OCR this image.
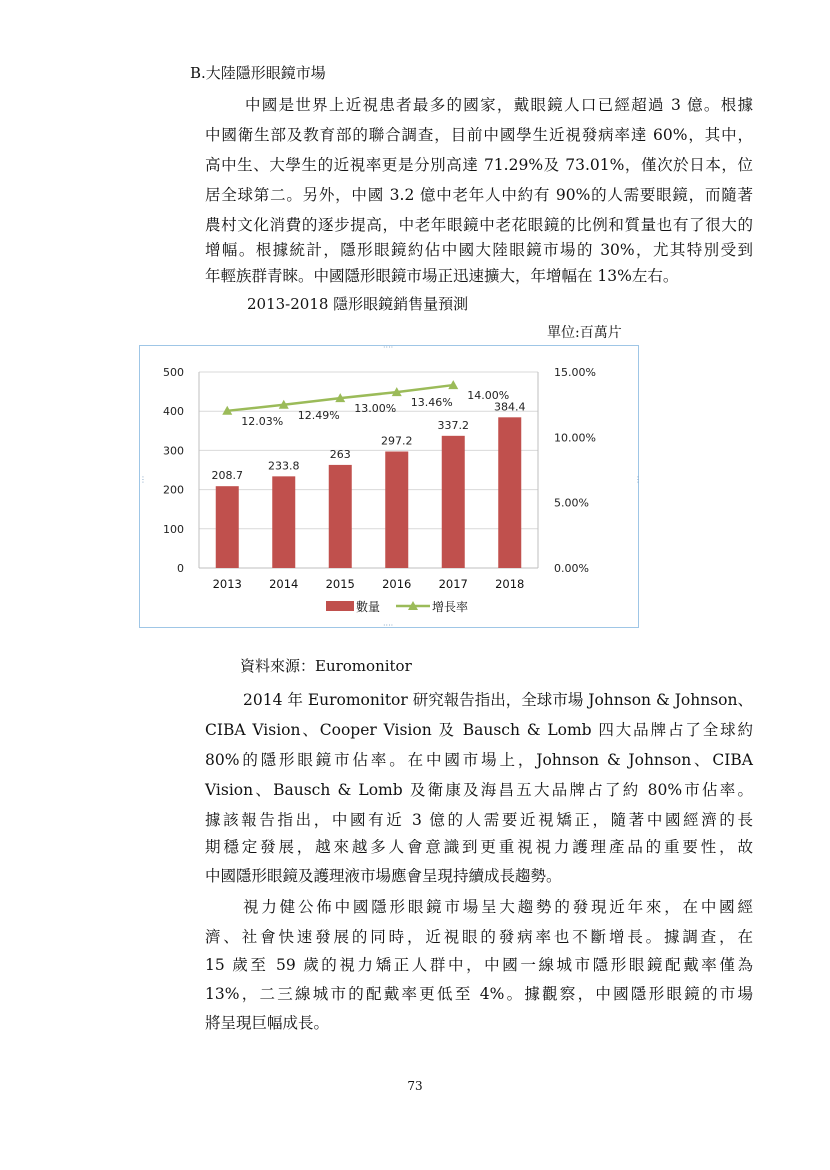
B.大陸隱形眼鏡市場
中國是世界上近視患者最多的國家，戴眼鏡人口已經超過 3 億。根據
中國衛生部及教育部的聯合調查，目前中國學生近視發病率達 60%，其中，
高中生、大學生的近視率更是分別高達 71.29%及 73.01%，僅次於日本，位
居全球第二。另外，中國 3.2 億中老年人中約有 90%的人需要眼鏡，而隨著
農村文化消費的逐步提高，中老年眼鏡中老花眼鏡的比例和質量也有了很大的
增幅。根據統計，隱形眼鏡約佔中國大陸眼鏡市場的 30%，尤其特別受到
年輕族群青睞。中國隱形眼鏡市場正迅速擴大，年增幅在 13%左右。
2013-2018 隱形眼鏡銷售量預測
單位:百萬片
····
····
⋮	⋮
0
100
200
300
400
500
0.00%
5.00%
10.00%
15.00%
208.7
233.8
263
297.2
337.2
384.4
2013 2014 2015 2016 2017 2018
12.03% 12.49%
13.00% 13.46%
14.00%
數量	增長率
資料來源：Euromonitor
2014 年 Euromonitor 研究報告指出，全球市場 Johnson & Johnson、
CIBA Vision、Cooper Vision 及 Bausch & Lomb 四大品牌占了全球約
80%的隱形眼鏡市佔率。在中國市場上，Johnson & Johnson、CIBA
Vision、Bausch & Lomb 及衛康及海昌五大品牌占了約 80%市佔率。
據該報告指出，中國有近 3 億的人需要近視矯正，隨著中國經濟的長
期穩定發展，越來越多人會意識到更重視視力護理產品的重要性，故
中國隱形眼鏡及護理液市場應會呈現持續成長趨勢。
視力健公佈中國隱形眼鏡市場呈大趨勢的發現近年來，在中國經
濟、社會快速發展的同時，近視眼的發病率也不斷增長。據調查，在
15 歲至 59 歲的視力矯正人群中，中國一線城市隱形眼鏡配戴率僅為
13%，二三線城市的配戴率更低至 4%。據觀察，中國隱形眼鏡的市場
將呈現巨幅成長。
73
